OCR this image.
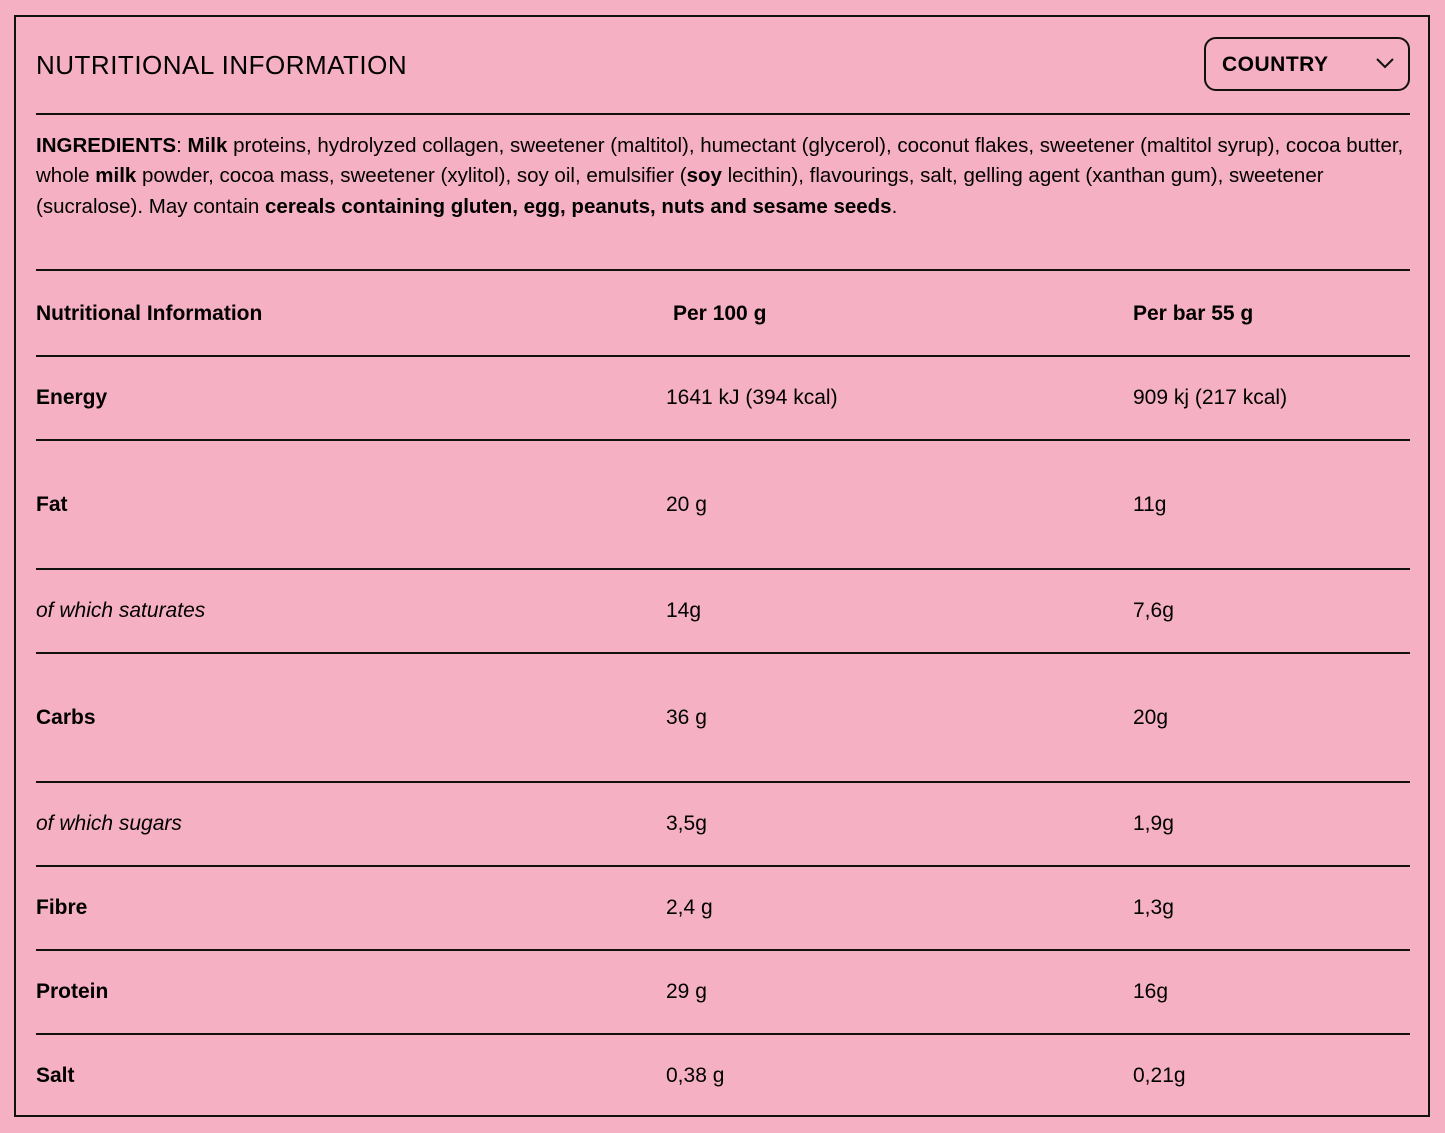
NUTRITIONAL INFORMATION	COUNTRY
INGREDIENTS: Milk proteins, hydrolyzed collagen, sweetener (maltitol), humectant (glycerol), coconut flakes, sweetener (maltitol syrup), cocoa butter, whole milk powder, cocoa mass, sweetener (xylitol), soy oil, emulsifier (soy lecithin), flavourings, salt, gelling agent (xanthan gum), sweetener (sucralose). May contain cereals containing gluten, egg, peanuts, nuts and sesame seeds.
Nutritional Information	Per 100 g	Per bar 55 g
Energy	1641 kJ (394 kcal)	909 kj (217 kcal)
Fat	20 g	11g
of which saturates	14g	7,6g
Carbs	36 g	20g
of which sugars	3,5g	1,9g
Fibre	2,4 g	1,3g
Protein	29 g	16g
Salt	0,38 g	0,21g
